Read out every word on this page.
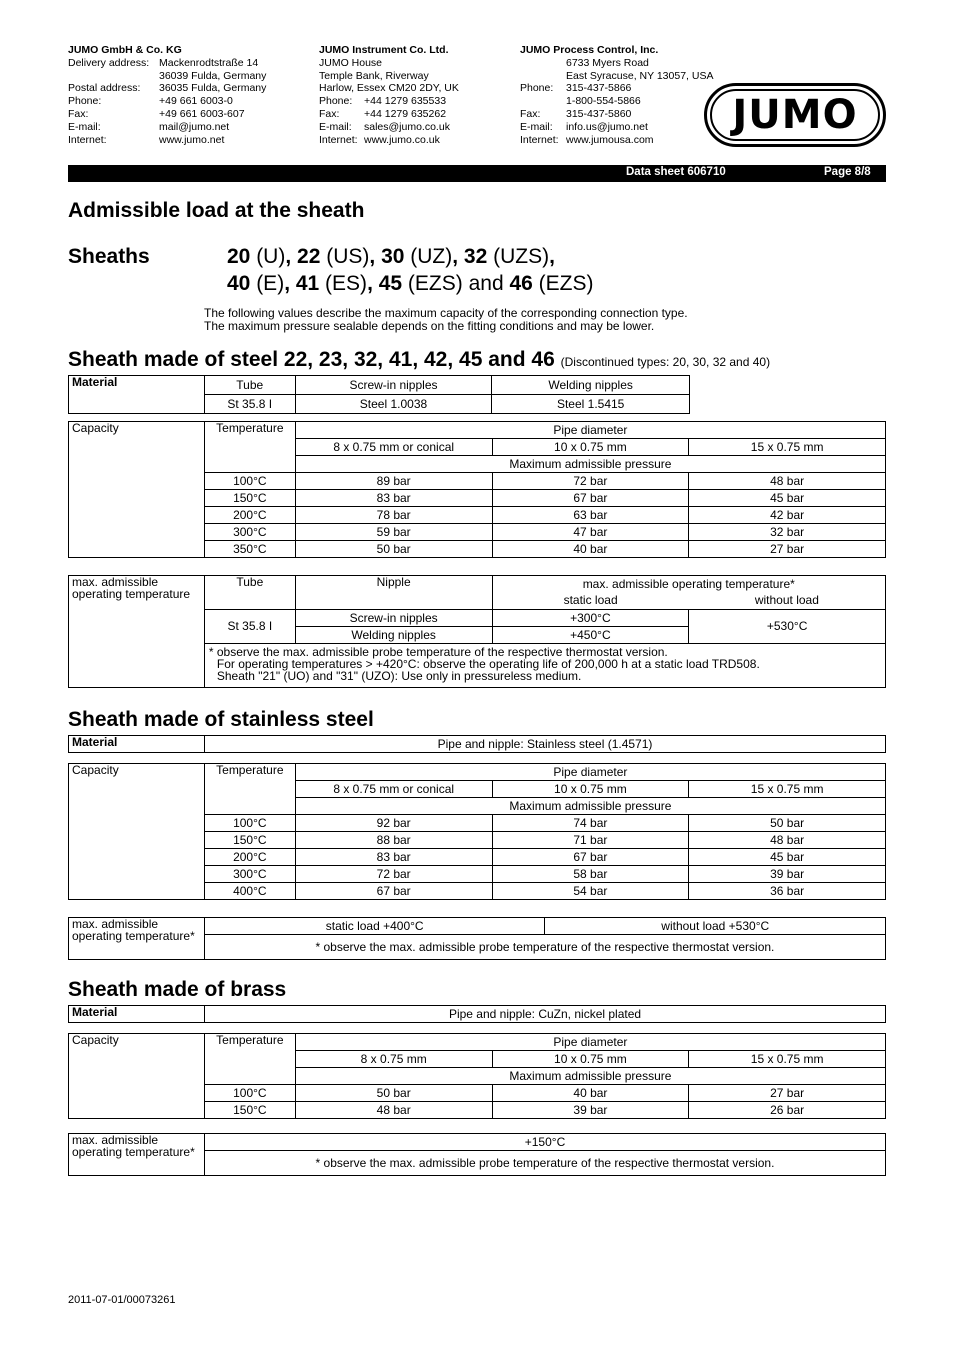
JUMO GmbH & Co. KG
Delivery address: Mackenrodtstraße 14
36039 Fulda, Germany
Postal address:	36035 Fulda, Germany
Phone:	+49 661 6003-0
Fax:	+49 661 6003-607
E-mail:	mail@jumo.net
Internet:	www.jumo.net
JUMO Instrument Co. Ltd.
JUMO House
Temple Bank, Riverway
Harlow, Essex CM20 2DY, UK
Phone:	+44 1279 635533
Fax:	+44 1279 635262
E-mail:	sales@jumo.co.uk
Internet: www.jumo.co.uk
JUMO Process Control, Inc.
6733 Myers Road
East Syracuse, NY 13057, USA
Phone:	315-437-5866
1-800-554-5866
Fax:	315-437-5860
E-mail:	info.us@jumo.net
Internet: www.jumousa.com
JUMO
Data sheet 606710	Page 8/8
Admissible load at the sheath
Sheaths	20 (U), 22 (US), 30 (UZ), 32 (UZS),
40 (E), 41 (ES), 45 (EZS) and 46 (EZS)
The following values describe the maximum capacity of the corresponding connection type.
The maximum pressure sealable depends on the fitting conditions and may be lower.
Sheath made of steel 22, 23, 32, 41, 42, 45 and 46 (Discontinued types: 20, 30, 32 and 40)
Material	Tube	Screw-in nipples	Welding nipples
	St 35.8 I	Steel 1.0038	Steel 1.5415
Capacity	Temperature	Pipe diameter		
		8 x 0.75 mm or conical	10 x 0.75 mm	15 x 0.75 mm
		Maximum admissible pressure		
	100°C	89 bar	72 bar	48 bar
	150°C	83 bar	67 bar	45 bar
	200°C	78 bar	63 bar	42 bar
	300°C	59 bar	47 bar	32 bar
	350°C	50 bar	40 bar	27 bar
max. admissible operating temperature	Tube	Nipple	max. admissible operating temperature*	
			static load	without load
	St 35.8 I	Screw-in nipples	+300°C	+530°C
		Welding nipples	+450°C	

	* observe the max. admissible probe temperature of the respective thermostat version.
For operating temperatures > +420°C: observe the operating life of 200,000 h at a static load TRD508.
Sheath "21" (UO) and "31" (UZO): Use only in pressureless medium.			
Sheath made of stainless steel
Material	Pipe and nipple: Stainless steel (1.4571)
Capacity	Temperature	Pipe diameter		
		8 x 0.75 mm or conical	10 x 0.75 mm	15 x 0.75 mm
		Maximum admissible pressure		
	100°C	92 bar	74 bar	50 bar
	150°C	88 bar	71 bar	48 bar
	200°C	83 bar	67 bar	45 bar
	300°C	72 bar	58 bar	39 bar
	400°C	67 bar	54 bar	36 bar
max. admissible operating temperature*	static load +400°C	without load +530°C
* observe the max. admissible probe temperature of the respective thermostat version.
Sheath made of brass
Material	Pipe and nipple: CuZn, nickel plated
Capacity	Temperature	Pipe diameter		
		8 x 0.75 mm	10 x 0.75 mm	15 x 0.75 mm
		Maximum admissible pressure		
	100°C	50 bar	40 bar	27 bar
	150°C	48 bar	39 bar	26 bar
max. admissible operating temperature*	+150°C
* observe the max. admissible probe temperature of the respective thermostat version.
2011-07-01/00073261
